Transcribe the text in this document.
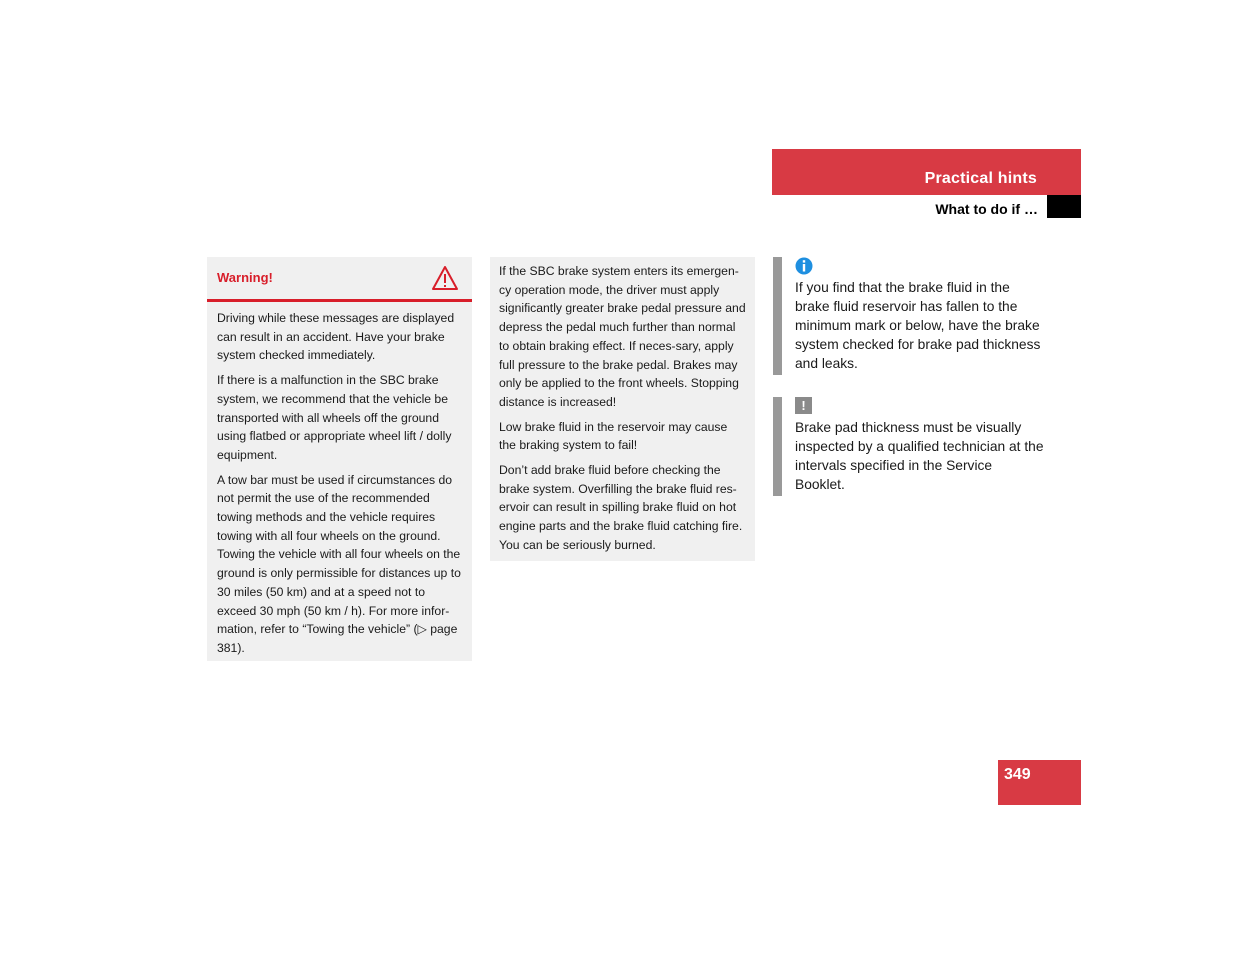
Practical hints
What to do if …
Warning!

Driving while these messages are displayed can result in an accident. Have your brake system checked immediately.

If there is a malfunction in the SBC brake system, we recommend that the vehicle be transported with all wheels off the ground using flatbed or appropriate wheel lift / dolly equipment.

A tow bar must be used if circumstances do not permit the use of the recommended towing methods and the vehicle requires towing with all four wheels on the ground. Towing the vehicle with all four wheels on the ground is only permissible for distances up to 30 miles (50 km) and at a speed not to exceed 30 mph (50 km / h). For more infor-mation, refer to “Towing the vehicle” (▷ page 381).

If the SBC brake system enters its emergen-cy operation mode, the driver must apply significantly greater brake pedal pressure and depress the pedal much further than normal to obtain braking effect. If neces-sary, apply full pressure to the brake pedal. Brakes may only be applied to the front wheels. Stopping distance is increased!

Low brake fluid in the reservoir may cause the braking system to fail!

Don’t add brake fluid before checking the brake system. Overfilling the brake fluid res-ervoir can result in spilling brake fluid on hot engine parts and the brake fluid catching fire. You can be seriously burned.

If you find that the brake fluid in the brake fluid reservoir has fallen to the minimum mark or below, have the brake system checked for brake pad thickness and leaks.

!

Brake pad thickness must be visually inspected by a qualified technician at the intervals specified in the Service Booklet.

349
